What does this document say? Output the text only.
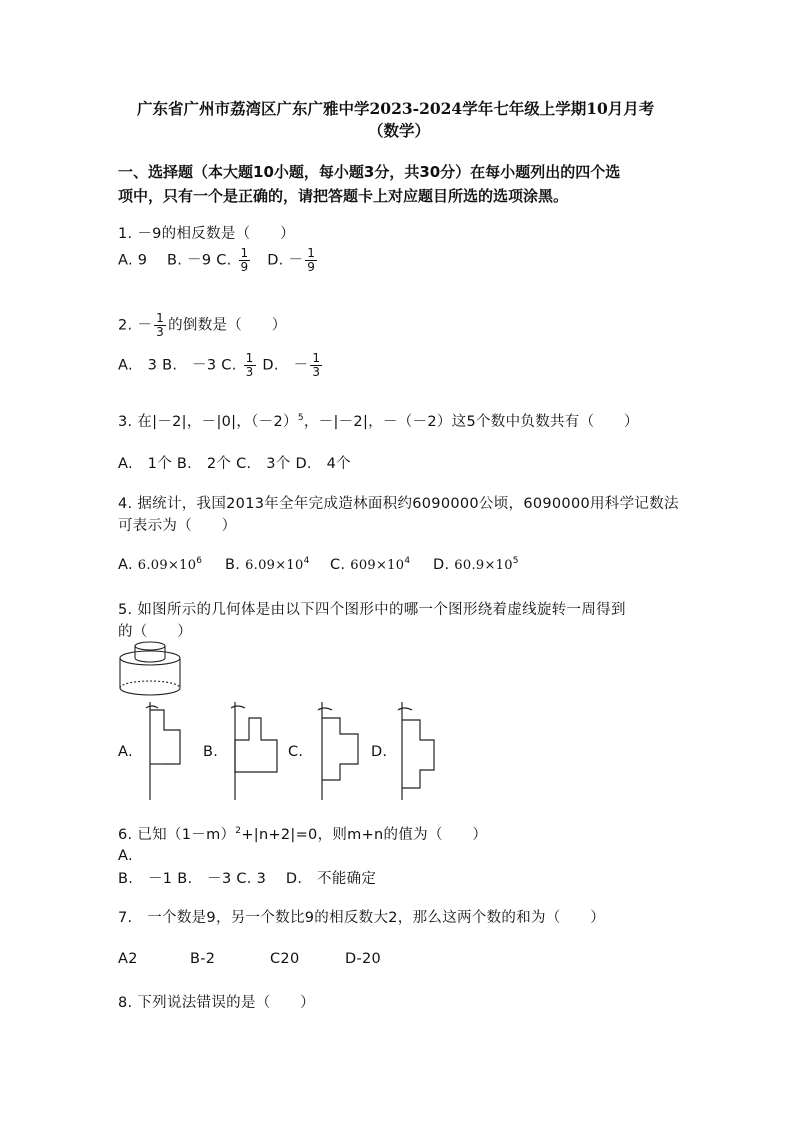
广东省广州市荔湾区广东广雅中学2023-2024学年七年级上学期10月月考
（数学）
一、选择题（本大题10小题，每小题3分，共30分）在每小题列出的四个选
项中，只有一个是正确的，请把答题卡上对应题目所选的选项涂黑。
1. －9的相反数是（　　）
A. 9 B. －9 C. $\frac{1}{9} D$. － $\frac{1}{9}$
2. － $\frac{1}{3}$ 的倒数是（　　）
A.　3 B.　－3 C. $\frac{1}{3} D$.　－ $\frac{1}{3}$
3. 在|－2|，－|0|，$(-2)^5$，－|－2|，－（－2）这5个数中负数共有（　　）
A.　1个 B.　2个 C.　3个 D.　4个
4. 据统计，我国2013年全年完成造林面积约6090000公顷，6090000用科学记数法
可表示为（　　）
A. $6.09\times 10^6$ B. $6.09\times 10^4$ C. $609\times 10^4$ D. $60.9\times 10^5$
5. 如图所示的几何体是由以下四个图形中的哪一个图形绕着虚线旋转一周得到
的（　　）
A.	B.	C.	D.
6. 已知$(1-m)^2+|n+2|=0$，则m+n的值为（　　）
A.
B.　－1 B.　－3 C. 3　 D.　不能确定
7.　一个数是9，另一个数比9的相反数大2，那么这两个数的和为（　　）
A2	B-2	C20	D-20
8. 下列说法错误的是（　　）
